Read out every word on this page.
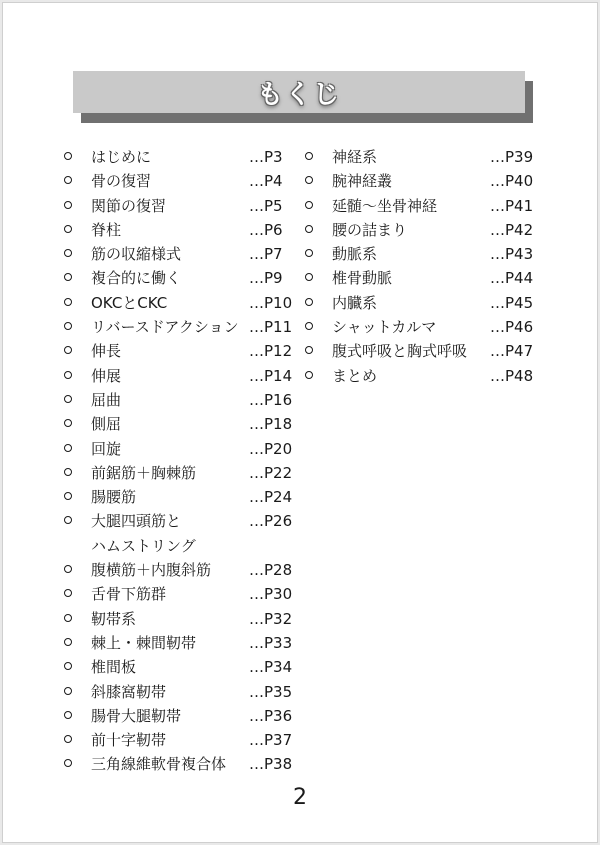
もくじ
はじめに	…P3
骨の復習	…P4
関節の復習	…P5
脊柱	…P6
筋の収縮様式	…P7
複合的に働く	…P9
OKCとCKC	…P10
リバースドアクション …P11
伸長	…P12
伸展	…P14
屈曲	…P16
側屈	…P18
回旋	…P20
前鋸筋＋胸棘筋	…P22
腸腰筋	…P24
大腿四頭筋と
ハムストリング
…P26
腹横筋＋内腹斜筋	…P28
舌骨下筋群	…P30
靭帯系	…P32
棘上・棘間靭帯	…P33
椎間板	…P34
斜膝窩靭帯	…P35
腸骨大腿靭帯	…P36
前十字靭帯	…P37
三角線維軟骨複合体 …P38
神経系	…P39
腕神経叢	…P40
延髄〜坐骨神経	…P41
腰の詰まり	…P42
動脈系	…P43
椎骨動脈	…P44
内臓系	…P45
シャットカルマ	…P46
腹式呼吸と胸式呼吸 …P47
まとめ	…P48
2
